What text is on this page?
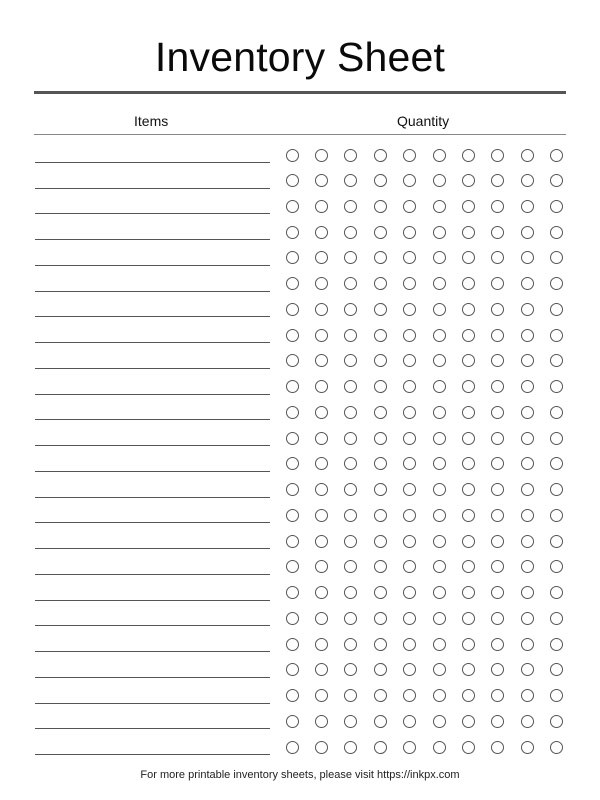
Inventory Sheet
Items	Quantity
For more printable inventory sheets, please visit https://inkpx.com
